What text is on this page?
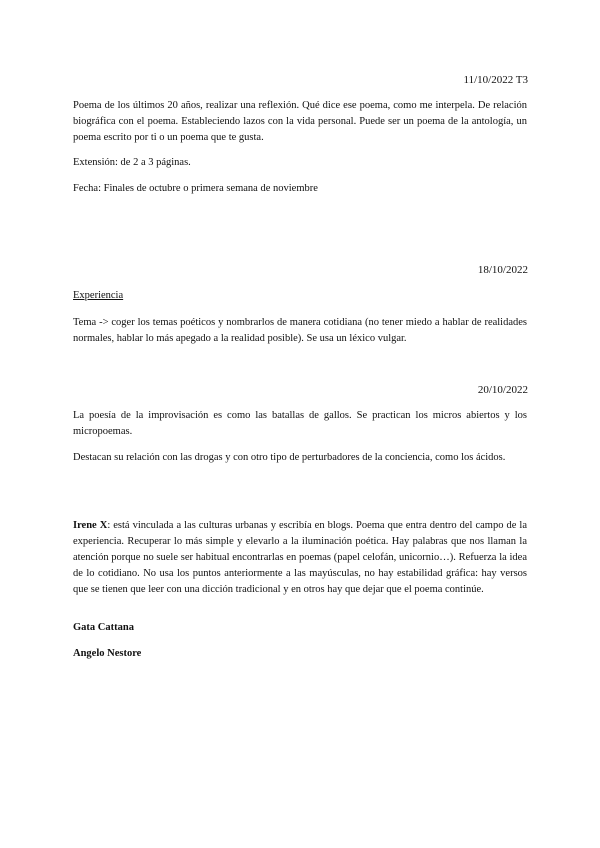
11/10/2022 T3

Poema de los últimos 20 años, realizar una reflexión. Qué dice ese poema, como me interpela. De relación biográfica con el poema. Estableciendo lazos con la vida personal. Puede ser un poema de la antología, un poema escrito por ti o un poema que te gusta.

Extensión: de 2 a 3 páginas.

Fecha: Finales de octubre o primera semana de noviembre

18/10/2022

Experiencia

Tema -> coger los temas poéticos y nombrarlos de manera cotidiana (no tener miedo a hablar de realidades normales, hablar lo más apegado a la realidad posible). Se usa un léxico vulgar.

20/10/2022

La poesía de la improvisación es como las batallas de gallos. Se practican los micros abiertos y los micropoemas.

Destacan su relación con las drogas y con otro tipo de perturbadores de la conciencia, como los ácidos.

Irene X: está vinculada a las culturas urbanas y escribía en blogs. Poema que entra dentro del campo de la experiencia. Recuperar lo más simple y elevarlo a la iluminación poética. Hay palabras que nos llaman la atención porque no suele ser habitual encontrarlas en poemas (papel celofán, unicornio…). Refuerza la idea de lo cotidiano. No usa los puntos anteriormente a las mayúsculas, no hay estabilidad gráfica: hay versos que se tienen que leer con una dicción tradicional y en otros hay que dejar que el poema continúe.

Gata Cattana

Angelo Nestore
